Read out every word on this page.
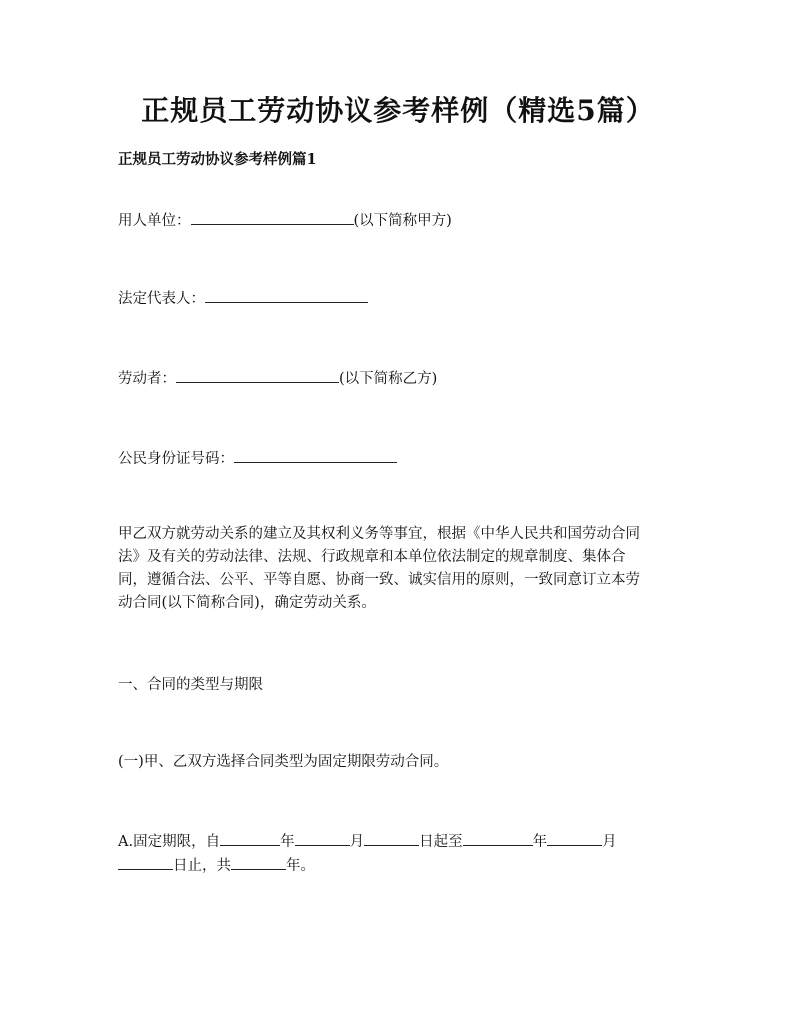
正规员工劳动协议参考样例（精选5篇）

正规员工劳动协议参考样例篇1

用人单位：	(以下简称甲方)

法定代表人：

劳动者：	(以下简称乙方)

公民身份证号码：

甲乙双方就劳动关系的建立及其权利义务等事宜，根据《中华人民共和国劳动合同
法》及有关的劳动法律、法规、行政规章和本单位依法制定的规章制度、集体合
同，遵循合法、公平、平等自愿、协商一致、诚实信用的原则，一致同意订立本劳
动合同(以下简称合同)，确定劳动关系。

一、合同的类型与期限

(一)甲、乙双方选择合同类型为固定期限劳动合同。

A.固定期限，自	年	月	日起至	年	月

日止，共	年。
